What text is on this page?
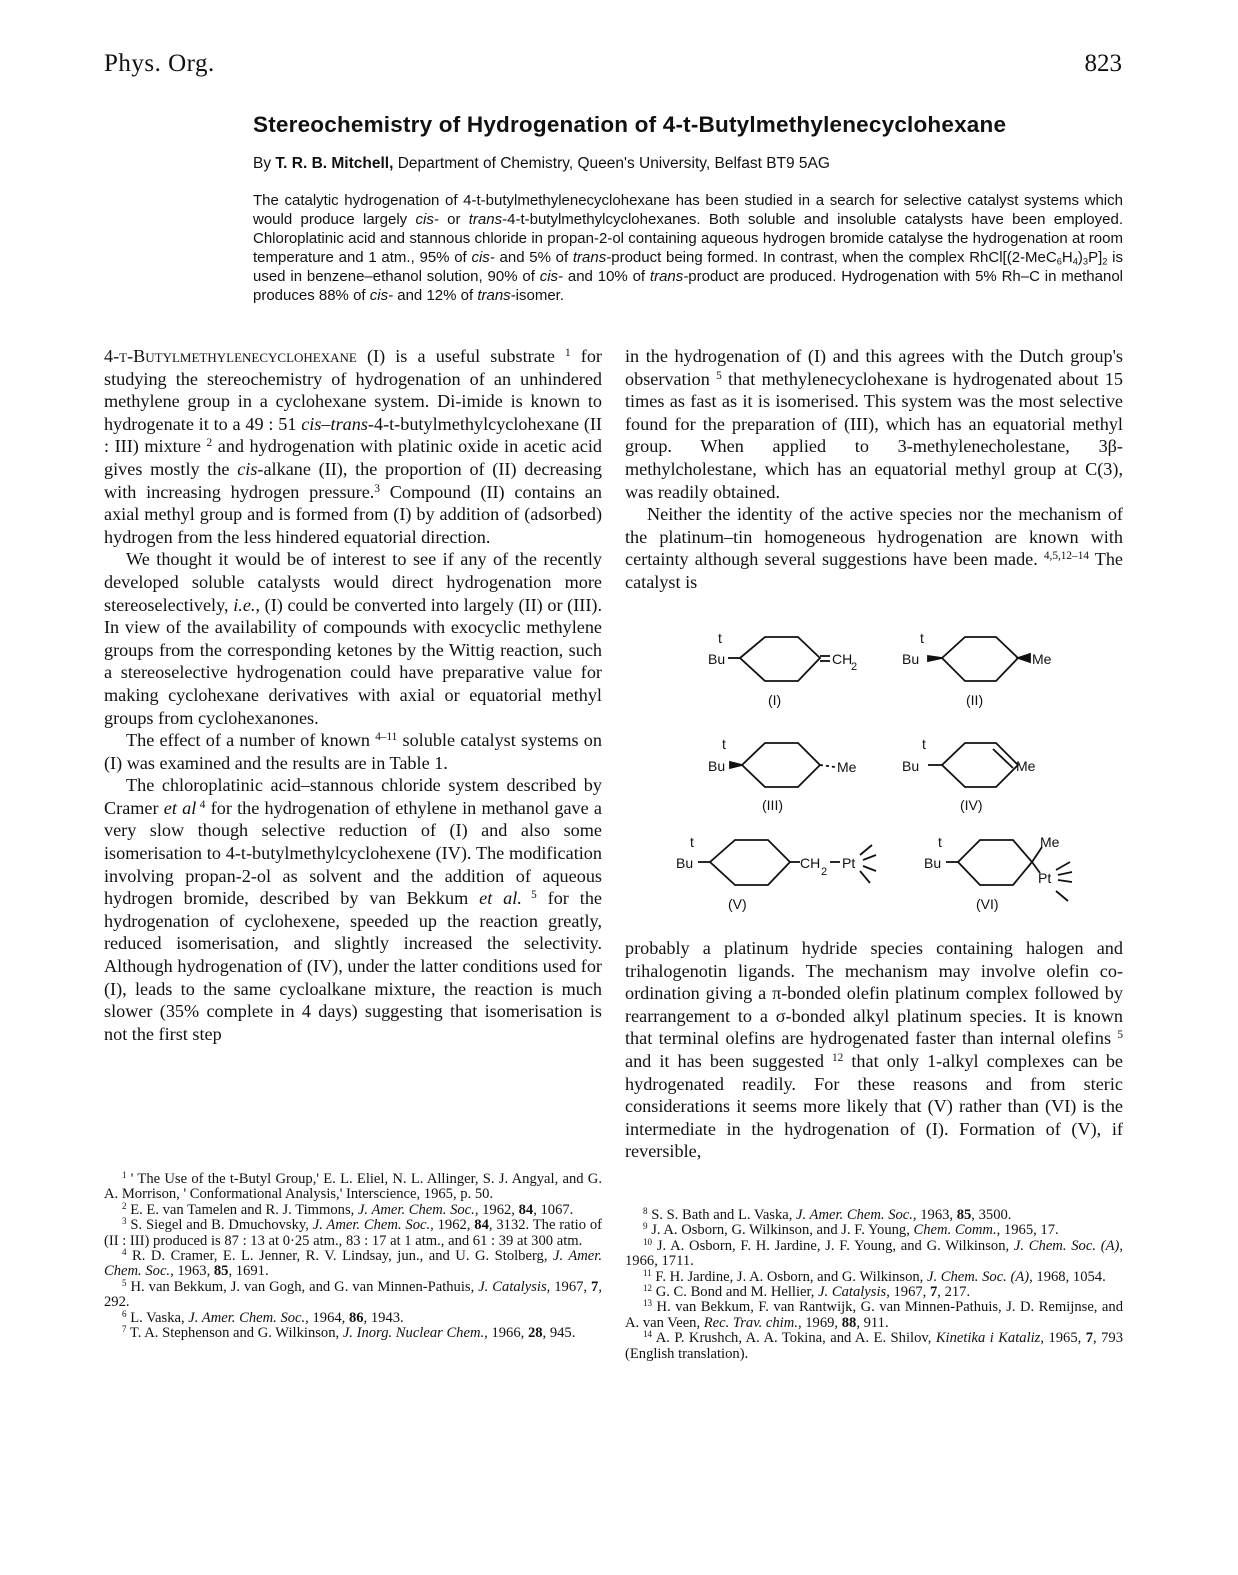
Phys. Org.	823
Stereochemistry of Hydrogenation of 4-t-Butylmethylenecyclohexane
By T. R. B. Mitchell, Department of Chemistry, Queen's University, Belfast BT9 5AG
The catalytic hydrogenation of 4-t-butylmethylenecyclohexane has been studied in a search for selective catalyst systems which would produce largely cis- or trans-4-t-butylmethylcyclohexanes. Both soluble and insoluble catalysts have been employed. Chloroplatinic acid and stannous chloride in propan-2-ol containing aqueous hydrogen bromide catalyse the hydrogenation at room temperature and 1 atm., 95% of cis- and 5% of trans-product being formed. In contrast, when the complex $RhCl[(2-MeC_6H_4)_3P]_2$ is used in benzene–ethanol solution, 90% of cis- and 10% of trans-product are produced. Hydrogenation with 5% Rh–C in methanol produces 88% of cis- and 12% of trans-isomer.

4-t-Butylmethylenecyclohexane (I) is a useful substrate $^1$ for studying the stereochemistry of hydrogenation of an unhindered methylene group in a cyclohexane system. Di-imide is known to hydrogenate it to a 49 : 51 cis–trans-4-t-butylmethylcyclohexane (II : III) mixture $^2$ and hydrogenation with platinic oxide in acetic acid gives mostly the cis-alkane (II), the proportion of (II) decreasing with increasing hydrogen pressure.$^3$ Compound (II) contains an axial methyl group and is formed from (I) by addition of (adsorbed) hydrogen from the less hindered equatorial direction.

We thought it would be of interest to see if any of the recently developed soluble catalysts would direct hydrogenation more stereoselectively, i.e., (I) could be converted into largely (II) or (III). In view of the availability of compounds with exocyclic methylene groups from the corresponding ketones by the Wittig reaction, such a stereoselective hydrogenation could have preparative value for making cyclohexane derivatives with axial or equatorial methyl groups from cyclohexanones.

The effect of a number of known $^{4-11}$ soluble catalyst systems on (I) was examined and the results are in Table 1.

The chloroplatinic acid–stannous chloride system described by Cramer et al $^4$ for the hydrogenation of ethylene in methanol gave a very slow though selective reduction of (I) and also some isomerisation to 4-t-butylmethylcyclohexene (IV). The modification involving propan-2-ol as solvent and the addition of aqueous hydrogen bromide, described by van Bekkum et al. $^5$ for the hydrogenation of cyclohexene, speeded up the reaction greatly, reduced isomerisation, and slightly increased the selectivity. Although hydrogenation of (IV), under the latter conditions used for (I), leads to the same cycloalkane mixture, the reaction is much slower (35% complete in 4 days) suggesting that isomerisation is not the first step

in the hydrogenation of (I) and this agrees with the Dutch group's observation $^5$ that methylenecyclohexane is hydrogenated about 15 times as fast as it is isomerised. This system was the most selective found for the preparation of (III), which has an equatorial methyl group. When applied to 3-methylenecholestane, 3β-methylcholestane, which has an equatorial methyl group at C(3), was readily obtained.

Neither the identity of the active species nor the mechanism of the platinum–tin homogeneous hydrogenation are known with certainty although several suggestions have been made. $^{4,5,12-14}$ The catalyst is

t
Bu	CH
2
(I)
t
Bu	Me
(II)
t
Bu	Me
(III)
t
Bu	Me
(IV)
t
Bu	CH
2
Pt
(V)
t
Bu
Me
Pt
(VI)

probably a platinum hydride species containing halogen and trihalogenotin ligands. The mechanism may involve olefin co-ordination giving a π-bonded olefin platinum complex followed by rearrangement to a σ-bonded alkyl platinum species. It is known that terminal olefins are hydrogenated faster than internal olefins $^5$ and it has been suggested $^{12}$ that only 1-alkyl complexes can be hydrogenated readily. For these reasons and from steric considerations it seems more likely that (V) rather than (VI) is the intermediate in the hydrogenation of (I). Formation of (V), if reversible,

$^1$ ' The Use of the t-Butyl Group,' E. L. Eliel, N. L. Allinger, S. J. Angyal, and G. A. Morrison, ' Conformational Analysis,' Interscience, 1965, p. 50.

$^2$ E. E. van Tamelen and R. J. Timmons, J. Amer. Chem. Soc., 1962, 84, 1067.

$^3$ S. Siegel and B. Dmuchovsky, J. Amer. Chem. Soc., 1962, 84, 3132. The ratio of (II : III) produced is 87 : 13 at 0·25 atm., 83 : 17 at 1 atm., and 61 : 39 at 300 atm.

$^4$ R. D. Cramer, E. L. Jenner, R. V. Lindsay, jun., and U. G. Stolberg, J. Amer. Chem. Soc., 1963, 85, 1691.

$^5$ H. van Bekkum, J. van Gogh, and G. van Minnen-Pathuis, J. Catalysis, 1967, 7, 292.

$^6$ L. Vaska, J. Amer. Chem. Soc., 1964, 86, 1943.

$^7$ T. A. Stephenson and G. Wilkinson, J. Inorg. Nuclear Chem., 1966, 28, 945.

$^8$ S. S. Bath and L. Vaska, J. Amer. Chem. Soc., 1963, 85, 3500.

$^9$ J. A. Osborn, G. Wilkinson, and J. F. Young, Chem. Comm., 1965, 17.

$^{10}$ J. A. Osborn, F. H. Jardine, J. F. Young, and G. Wilkinson, J. Chem. Soc. (A), 1966, 1711.

$^{11}$ F. H. Jardine, J. A. Osborn, and G. Wilkinson, J. Chem. Soc. (A), 1968, 1054.

$^{12}$ G. C. Bond and M. Hellier, J. Catalysis, 1967, 7, 217.

$^{13}$ H. van Bekkum, F. van Rantwijk, G. van Minnen-Pathuis, J. D. Remijnse, and A. van Veen, Rec. Trav. chim., 1969, 88, 911.

$^{14}$ A. P. Krushch, A. A. Tokina, and A. E. Shilov, Kinetika i Kataliz, 1965, 7, 793 (English translation).
